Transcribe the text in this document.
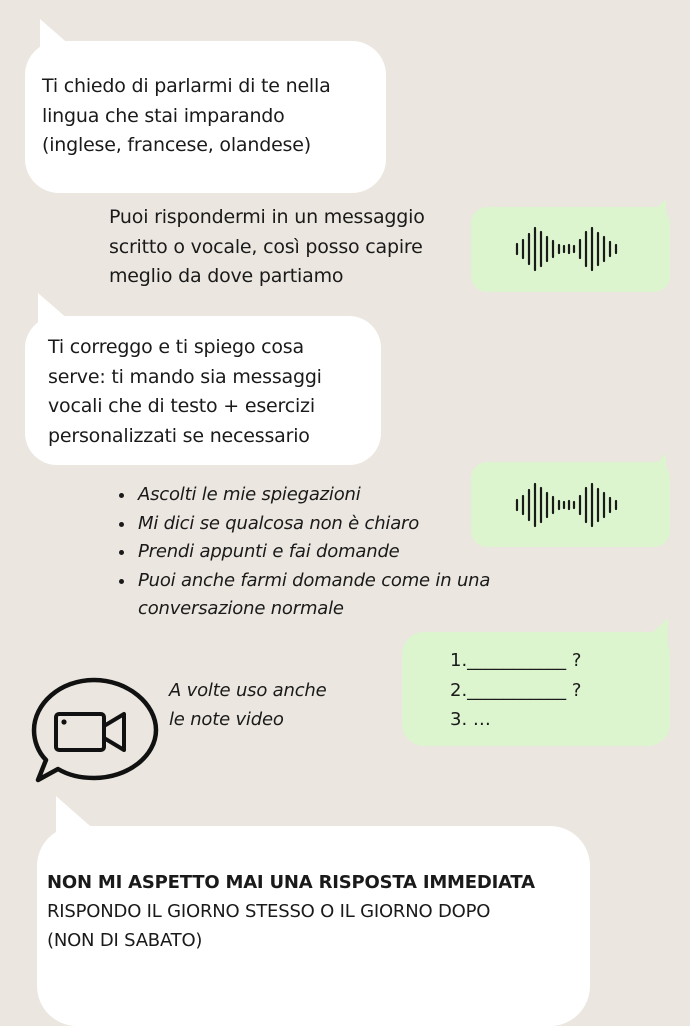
Ti chiedo di parlarmi di te nella
lingua che stai imparando
(inglese, francese, olandese)
Puoi rispondermi in un messaggio
scritto o vocale, così posso capire
meglio da dove partiamo
Ti correggo e ti spiego cosa
serve: ti mando sia messaggi
vocali che di testo + esercizi
personalizzati se necessario
• Ascolti le mie spiegazioni
• Mi dici se qualcosa non è chiaro
• Prendi appunti e fai domande
• Puoi anche farmi domande come in una conversazione normale
A volte uso anche
le note video
1.___________ ?
2.___________ ?
3. …
NON MI ASPETTO MAI UNA RISPOSTA IMMEDIATA
RISPONDO IL GIORNO STESSO O IL GIORNO DOPO
(NON DI SABATO)
